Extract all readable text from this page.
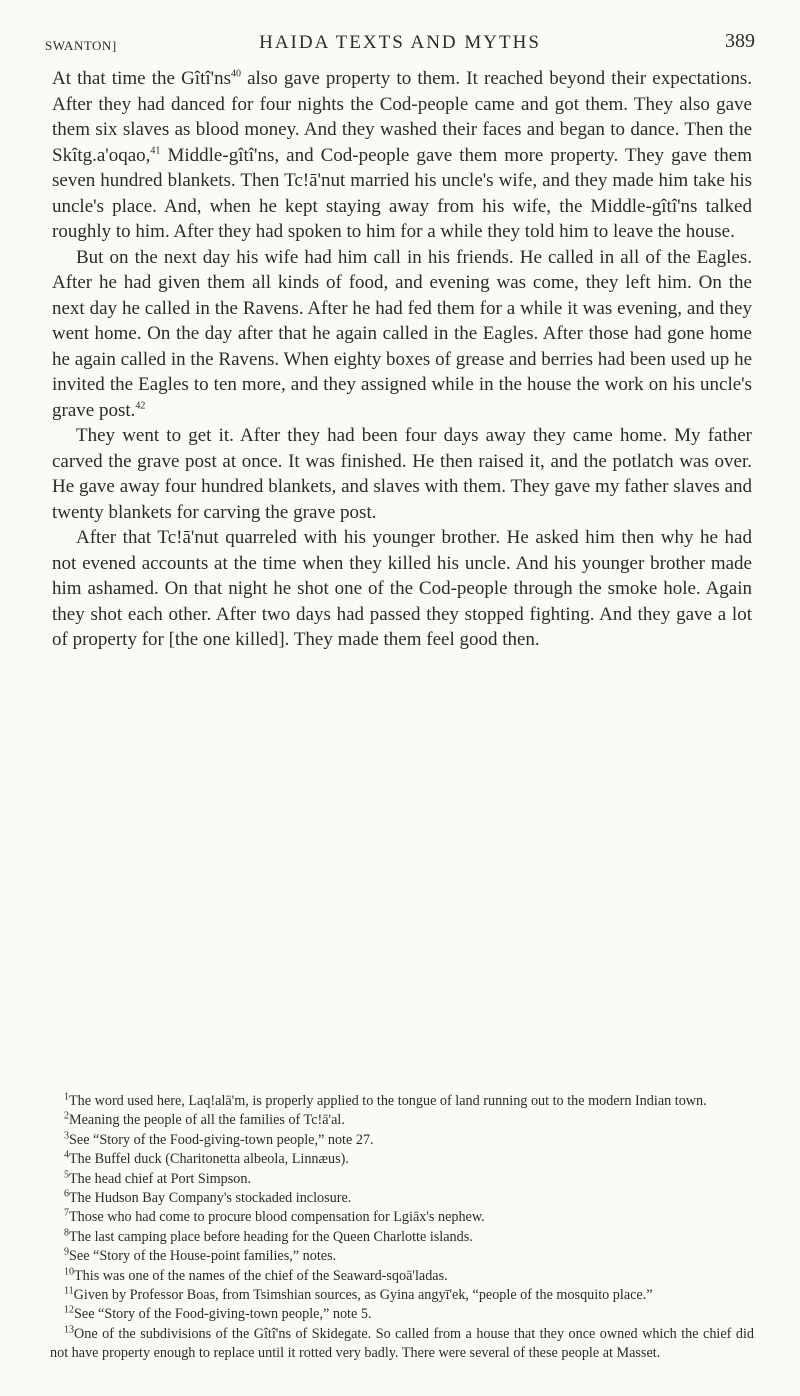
SWANTON]	HAIDA TEXTS AND MYTHS	389

At that time the $Gîtî'ns^{40}$ also gave property to them. It reached beyond their expectations. After they had danced for four nights the Cod-people came and got them. They also gave them six slaves as blood money. And they washed their faces and began to dance. Then the Skîtg.a'oqao,$^{41}$ Middle-gîtî'ns, and Cod-people gave them more property. They gave them seven hundred blankets. Then Tc!ā'nut married his uncle's wife, and they made him take his uncle's place. And, when he kept staying away from his wife, the Middle-gîtî'ns talked roughly to him. After they had spoken to him for a while they told him to leave the house.

But on the next day his wife had him call in his friends. He called in all of the Eagles. After he had given them all kinds of food, and evening was come, they left him. On the next day he called in the Ravens. After he had fed them for a while it was evening, and they went home. On the day after that he again called in the Eagles. After those had gone home he again called in the Ravens. When eighty boxes of grease and berries had been used up he invited the Eagles to ten more, and they assigned while in the house the work on his uncle's grave post.$^{42}$

They went to get it. After they had been four days away they came home. My father carved the grave post at once. It was finished. He then raised it, and the potlatch was over. He gave away four hundred blankets, and slaves with them. They gave my father slaves and twenty blankets for carving the grave post.

After that Tc!ā'nut quarreled with his younger brother. He asked him then why he had not evened accounts at the time when they killed his uncle. And his younger brother made him ashamed. On that night he shot one of the Cod-people through the smoke hole. Again they shot each other. After two days had passed they stopped fighting. And they gave a lot of property for [the one killed]. They made them feel good then.

$^1$The word used here, Laq!alā'm, is properly applied to the tongue of land running out to the modern Indian town.

$^2$Meaning the people of all the families of Tc!ā'al.

$^3$See “Story of the Food-giving-town people,” note 27.

$^4$The Buffel duck (Charitonetta albeola, Linnæus).

$^5$The head chief at Port Simpson.

$^6$The Hudson Bay Company's stockaded inclosure.

$^7$Those who had come to procure blood compensation for Lgiāx's nephew.

$^8$The last camping place before heading for the Queen Charlotte islands.

$^9$See “Story of the House-point families,” notes.

$^{10}$This was one of the names of the chief of the Seaward-sqoā'ladas.

$^{11}$Given by Professor Boas, from Tsimshian sources, as Gyina angyī'ek, “people of the mosquito place.”

$^{12}$See “Story of the Food-giving-town people,” note 5.

$^{13}$One of the subdivisions of the Gîtî'ns of Skidegate. So called from a house that they once owned which the chief did not have property enough to replace until it rotted very badly. There were several of these people at Masset.
